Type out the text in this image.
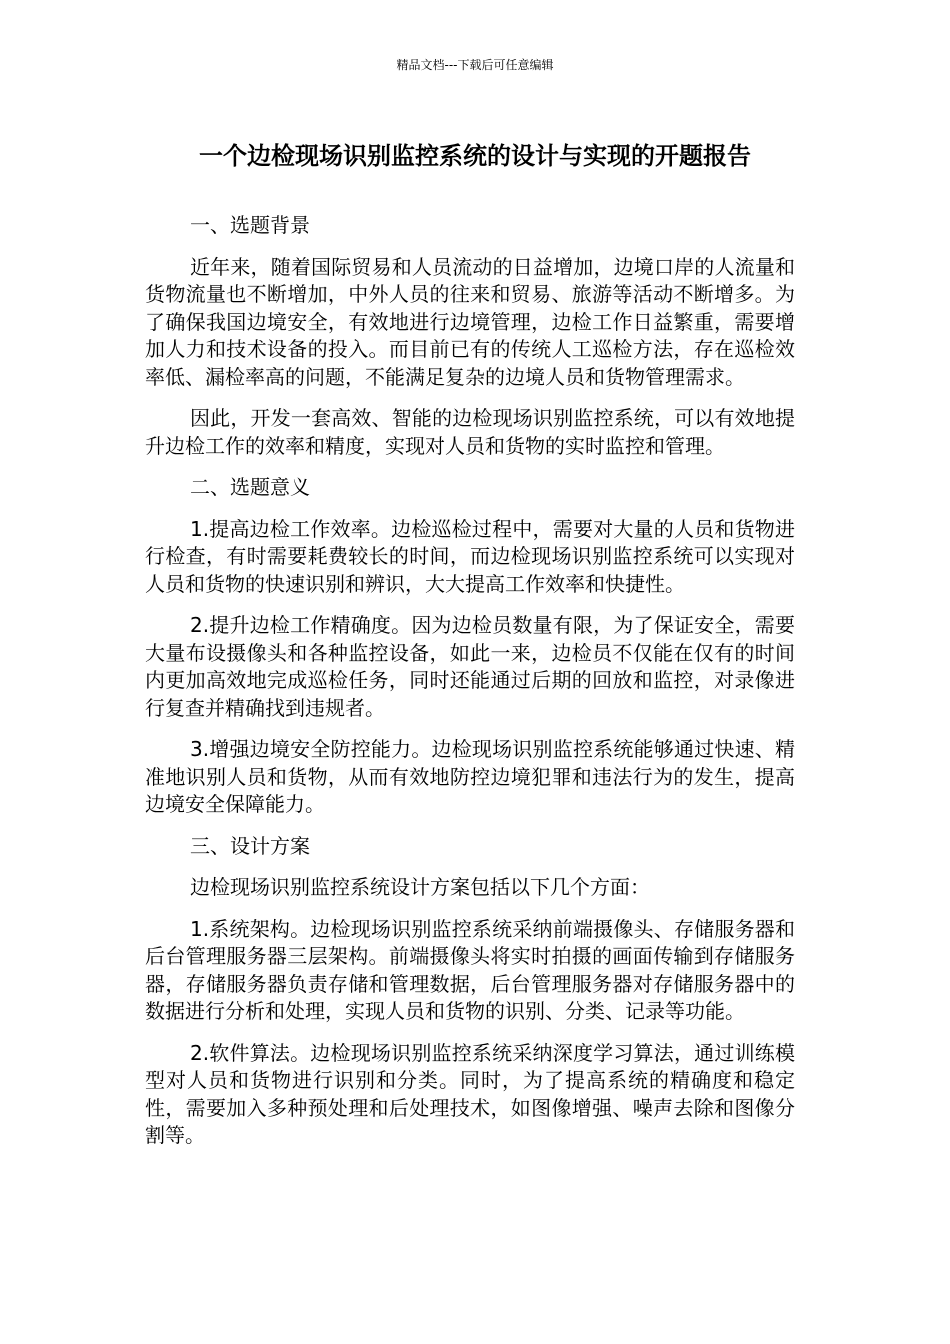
精品文档---下载后可任意编辑
一个边检现场识别监控系统的设计与实现的开题报告

一、选题背景

近年来，随着国际贸易和人员流动的日益增加，边境口岸的人流量和货物流量也不断增加，中外人员的往来和贸易、旅游等活动不断增多。为了确保我国边境安全，有效地进行边境管理，边检工作日益繁重，需要增加人力和技术设备的投入。而目前已有的传统人工巡检方法，存在巡检效率低、漏检率高的问题，不能满足复杂的边境人员和货物管理需求。

因此，开发一套高效、智能的边检现场识别监控系统，可以有效地提升边检工作的效率和精度，实现对人员和货物的实时监控和管理。

二、选题意义

1.提高边检工作效率。边检巡检过程中，需要对大量的人员和货物进行检查，有时需要耗费较长的时间，而边检现场识别监控系统可以实现对人员和货物的快速识别和辨识，大大提高工作效率和快捷性。

2.提升边检工作精确度。因为边检员数量有限，为了保证安全，需要大量布设摄像头和各种监控设备，如此一来，边检员不仅能在仅有的时间内更加高效地完成巡检任务，同时还能通过后期的回放和监控，对录像进行复查并精确找到违规者。

3.增强边境安全防控能力。边检现场识别监控系统能够通过快速、精准地识别人员和货物，从而有效地防控边境犯罪和违法行为的发生，提高边境安全保障能力。

三、设计方案

边检现场识别监控系统设计方案包括以下几个方面：

1.系统架构。边检现场识别监控系统采纳前端摄像头、存储服务器和后台管理服务器三层架构。前端摄像头将实时拍摄的画面传输到存储服务器，存储服务器负责存储和管理数据，后台管理服务器对存储服务器中的数据进行分析和处理，实现人员和货物的识别、分类、记录等功能。

2.软件算法。边检现场识别监控系统采纳深度学习算法，通过训练模型对人员和货物进行识别和分类。同时，为了提高系统的精确度和稳定性，需要加入多种预处理和后处理技术，如图像增强、噪声去除和图像分割等。
